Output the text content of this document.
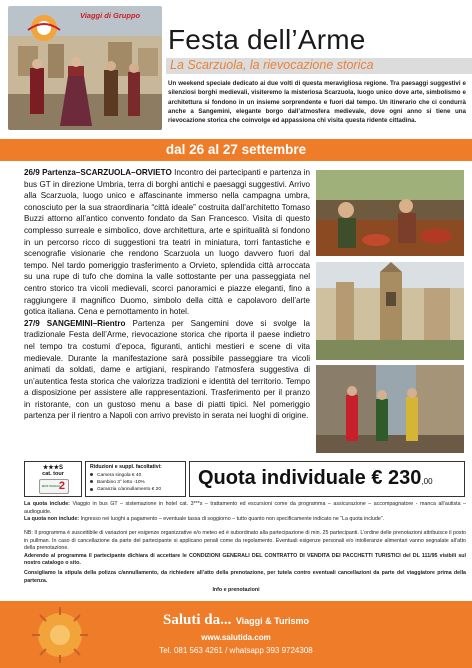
Viaggi di Gruppo
Festa dell’Arme
La Scarzuola, la rievocazione storica
Un weekend speciale dedicato ai due volti di questa meravigliosa regione. Tra paesaggi suggestivi e silenziosi borghi medievali, visiteremo la misteriosa Scarzuola, luogo unico dove arte, simbolismo e architettura si fondono in un insieme sorprendente e fuori dal tempo. Un itinerario che ci condurrà anche a Sangemini, elegante borgo dall’atmosfera medievale, dove ogni anno si tiene una rievocazione storica che coinvolge ed appassiona chi visita questa ridente cittadina.
dal 26 al 27 settembre

26/9 Partenza–SCARZUOLA–ORVIETO Incontro dei partecipanti e partenza in bus GT in direzione Umbria, terra di borghi antichi e paesaggi suggestivi. Arrivo alla Scarzuola, luogo unico e affascinante immerso nella campagna umbra, conosciuto per la sua straordinaria “città ideale” costruita dall’architetto Tomaso Buzzi attorno all’antico convento fondato da San Francesco. Visita di questo complesso surreale e simbolico, dove architettura, arte e spiritualità si fondono in un percorso ricco di suggestioni tra teatri in miniatura, torri fantastiche e scenografie visionarie che rendono Scarzuola un luogo davvero fuori dal tempo. Nel tardo pomeriggio trasferimento a Orvieto, splendida città arroccata su una rupe di tufo che domina la valle sottostante per una passeggiata nel centro storico tra vicoli medievali, scorci panoramici e piazze eleganti, fino a raggiungere il magnifico Duomo, simbolo della città e capolavoro dell’arte gotica italiana. Cena e pernottamento in hotel.

27/9 SANGEMINI–Rientro Partenza per Sangemini dove si svolge la tradizionale Festa dell’Arme, rievocazione storica che riporta il paese indietro nel tempo tra costumi d’epoca, figuranti, antichi mestieri e scene di vita medievale. Durante la manifestazione sarà possibile passeggiare tra vicoli animati da soldati, dame e artigiani, respirando l’atmosfera suggestiva di un’autentica festa storica che valorizza tradizioni e identità del territorio. Tempo a disposizione per assistere alle rappresentazioni. Trasferimento per il pranzo in ristorante, con un gustoso menu a base di piatti tipici. Nel pomeriggio partenza per il rientro a Napoli con arrivo previsto in serata nei luoghi di origine.

★★★S
cat. tour
BUS VIAGGI 2
Riduzioni e suppl. facoltativi:
Camera singola € 40
Bambino 3° letto -10%
Garanzia c/annullamento € 20
Quota individuale € 230,00
La quota include: Viaggio in bus GT – sistemazione in hotel cat. 3***s – trattamento ed escursioni come da programma – assicurazione – accompagnatore - manca all’autista – audioguide.
La quota non include: Ingresso nei luoghi a pagamento – eventuale tassa di soggiorno – tutto quanto non specificamente indicato ne “La quota include”.
NB: Il programma è suscettibile di variazioni per esigenze organizzative e/o meteo ed è subordinato alla partecipazione di min. 25 partecipanti. L’ordine delle prenotazioni attribuisce il posto in pullman. In caso di cancellazione da parte del partecipante si applicano penali come da regolamento. Eventuali esigenze personali e/o intolleranze alimentari vanno segnalate all’atto della prenotazione.
Aderendo al programma il partecipante dichiara di accettare le CONDIZIONI GENERALI DEL CONTRATTO DI VENDITA DEI PACCHETTI TURISTICI del DL 111/95 visibili sul nostro catalogo o sito.
Consigliamo la stipula della polizza c/annullamento, da richiedere all’atto della prenotazione, per tutela contro eventuali cancellazioni da parte del viaggiatore prima della partenza.
Info e prenotazioni
Saluti da... Viaggi & Turismo
www.salutida.com
Tel. 081 563 4261 / whatsapp 393 9724308
